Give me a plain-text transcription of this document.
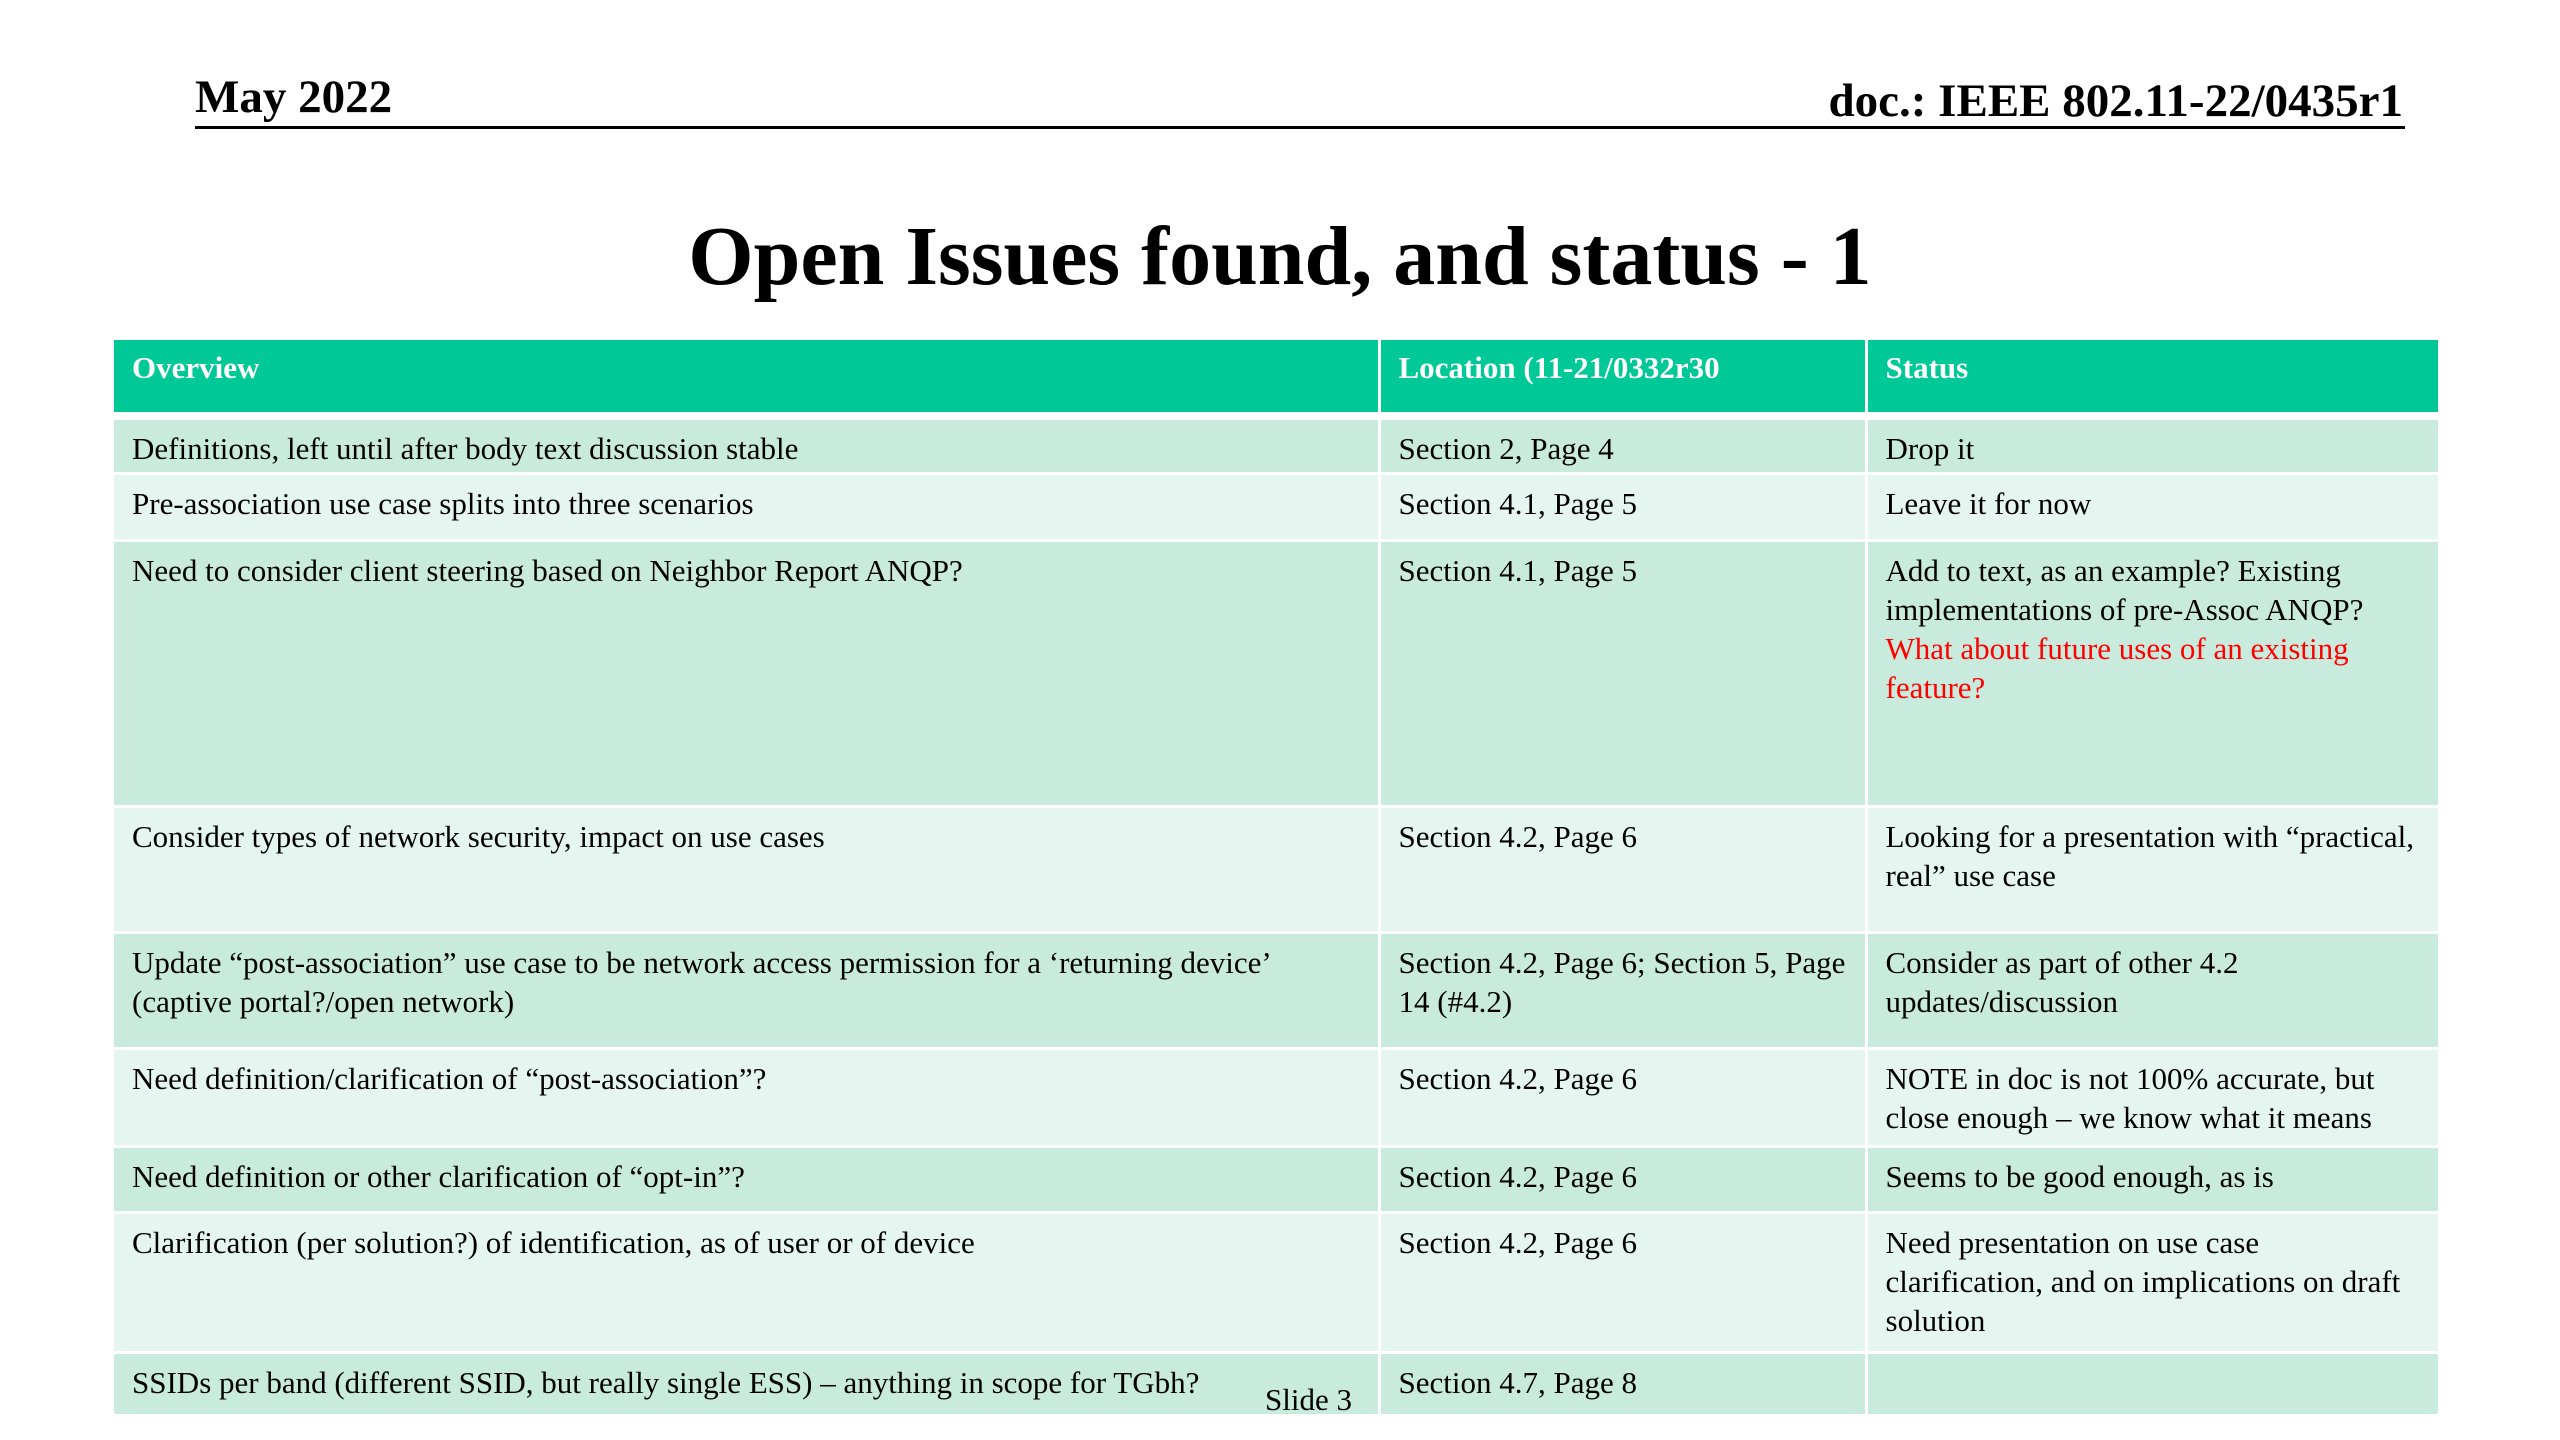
May 2022	doc.: IEEE 802.11-22/0435r1
Open Issues found, and status - 1
Overview	Location (11-21/0332r30	Status
Definitions, left until after body text discussion stable	Section 2, Page 4	Drop it
Pre-association use case splits into three scenarios	Section 4.1, Page 5	Leave it for now
Need to consider client steering based on Neighbor Report ANQP?	Section 4.1, Page 5	Add to text, as an example? Existing implementations of pre-Assoc ANQP? What about future uses of an existing feature?
Consider types of network security, impact on use cases	Section 4.2, Page 6	Looking for a presentation with “practical, real” use case
Update “post-association” use case to be network access permission for a ‘returning device’ (captive portal?/open network)	Section 4.2, Page 6; Section 5, Page 14 (#4.2)	Consider as part of other 4.2 updates/discussion
Need definition/clarification of “post-association”?	Section 4.2, Page 6	NOTE in doc is not 100% accurate, but close enough – we know what it means
Need definition or other clarification of “opt-in”?	Section 4.2, Page 6	Seems to be good enough, as is
Clarification (per solution?) of identification, as of user or of device	Section 4.2, Page 6	Need presentation on use case clarification, and on implications on draft solution
SSIDs per band (different SSID, but really single ESS) – anything in scope for TGbh?	Section 4.7, Page 8	
Slide 3
